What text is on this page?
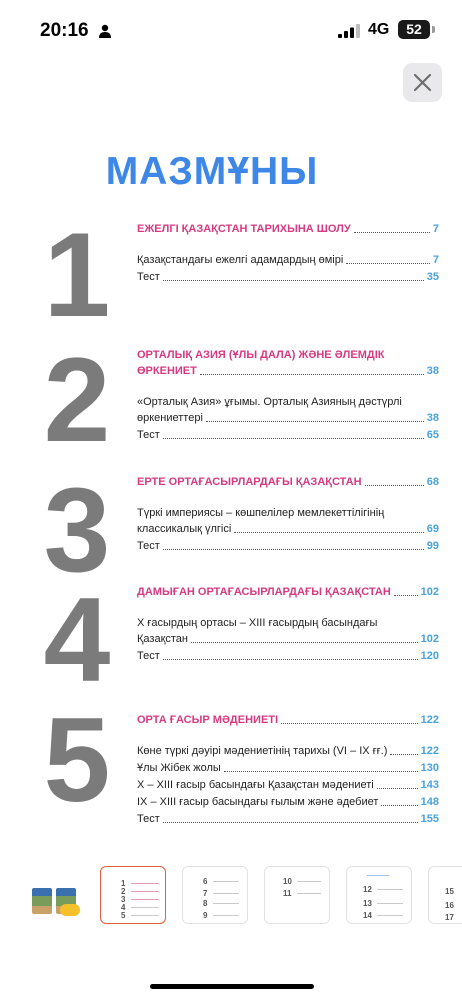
20:16	4G	52
МАЗМҰНЫ
1	ЕЖЕЛГІ ҚАЗАҚСТАН ТАРИХЫНА ШОЛУ	7
Қазақстандағы ежелгі адамдардың өмірі	7
Тест	35
2	ОРТАЛЫҚ АЗИЯ (ҰЛЫ ДАЛА) ЖӘНЕ ӘЛЕМДІК
ӨРКЕНИЕТ	38
«Орталық Азия» ұғымы. Орталық Азияның дәстүрлі
өркениеттері	38
Тест	65
3	ЕРТЕ ОРТАҒАСЫРЛАРДАҒЫ ҚАЗАҚСТАН	68
Түркі империясы – көшпелілер мемлекеттілігінің
классикалық үлгісі	69
Тест	99
4	ДАМЫҒАН ОРТАҒАСЫРЛАРДАҒЫ ҚАЗАҚСТАН	102
X ғасырдың ортасы – XIII ғасырдың басындағы
Қазақстан	102
Тест	120
5	ОРТА ҒАСЫР МӘДЕНИЕТІ	122
Көне түркі дәуірі мәдениетінің тарихы (VI – IX ғғ.)	122
Ұлы Жібек жолы	130
X – XIII ғасыр басындағы Қазақстан мәдениеті	143
IX – XIII ғасыр басындағы ғылым және әдебиет	148
Тест	155
1
2
3
4
5
6
7
8
9
10
11	12
13
14
15
16
17
